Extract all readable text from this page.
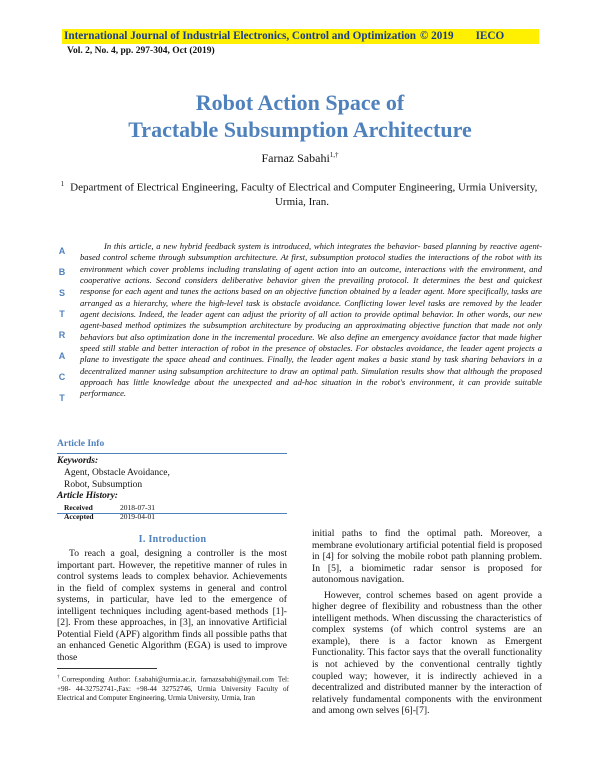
International Journal of Industrial Electronics, Control and Optimization © 2019 IECO
Vol. 2, No. 4, pp. 297-304, Oct (2019)
Robot Action Space of
Tractable Subsumption Architecture
Farnaz Sabahi$^{1,\dagger}$
$^1$ Department of Electrical Engineering, Faculty of Electrical and Computer Engineering, Urmia University, Urmia, Iran.
A
B
S
T
R
A
C
T
In this article, a new hybrid feedback system is introduced, which integrates the behavior- based planning by reactive agent-based control scheme through subsumption architecture. At first, subsumption protocol studies the interactions of the robot with its environment which cover problems including translating of agent action into an outcome, interactions with the environment, and cooperative actions. Second considers deliberative behavior given the prevailing protocol. It determines the best and quickest response for each agent and tunes the actions based on an objective function obtained by a leader agent. More specifically, tasks are arranged as a hierarchy, where the high-level task is obstacle avoidance. Conflicting lower level tasks are removed by the leader agent decisions. Indeed, the leader agent can adjust the priority of all action to provide optimal behavior. In other words, our new agent-based method optimizes the subsumption architecture by producing an approximating objective function that made not only behaviors but also optimization done in the incremental procedure. We also define an emergency avoidance factor that made higher speed still stable and better interaction of robot in the presence of obstacles. For obstacles avoidance, the leader agent projects a plane to investigate the space ahead and continues. Finally, the leader agent makes a basic stand by task sharing behaviors in a decentralized manner using subsumption architecture to draw an optimal path. Simulation results show that although the proposed approach has little knowledge about the unexpected and ad-hoc situation in the robot's environment, it can provide suitable performance.
Article Info
Keywords:
Agent, Obstacle Avoidance,
Robot, Subsumption
Article History:
Received	2018-07-31
Accepted	2019-04-01
I. Introduction
To reach a goal, designing a controller is the most important part. However, the repetitive manner of rules in control systems leads to complex behavior. Achievements in the field of complex systems in general and control systems, in particular, have led to the emergence of intelligent techniques including agent-based methods [1]-[2]. From these approaches, in [3], an innovative Artificial Potential Field (APF) algorithm finds all possible paths that an enhanced Genetic Algorithm (EGA) is used to improve those

initial paths to find the optimal path. Moreover, a membrane evolutionary artificial potential field is proposed in [4] for solving the mobile robot path planning problem. In [5], a biomimetic radar sensor is proposed for autonomous navigation.

However, control schemes based on agent provide a higher degree of flexibility and robustness than the other intelligent methods. When discussing the characteristics of complex systems (of which control systems are an example), there is a factor known as Emergent Functionality. This factor says that the overall functionality is not achieved by the conventional centrally tightly coupled way; however, it is indirectly achieved in a decentralized and distributed manner by the interaction of relatively fundamental components with the environment and among own selves [6]-[7].

†Corresponding Author: f.sabahi@urmia.ac.ir, farnazsabahi@ymail.com Tel: +98- 44-32752741-,Fax: +98-44 32752746, Urmia University Faculty of Electrical and Computer Engineering, Urmia University, Urmia, Iran
